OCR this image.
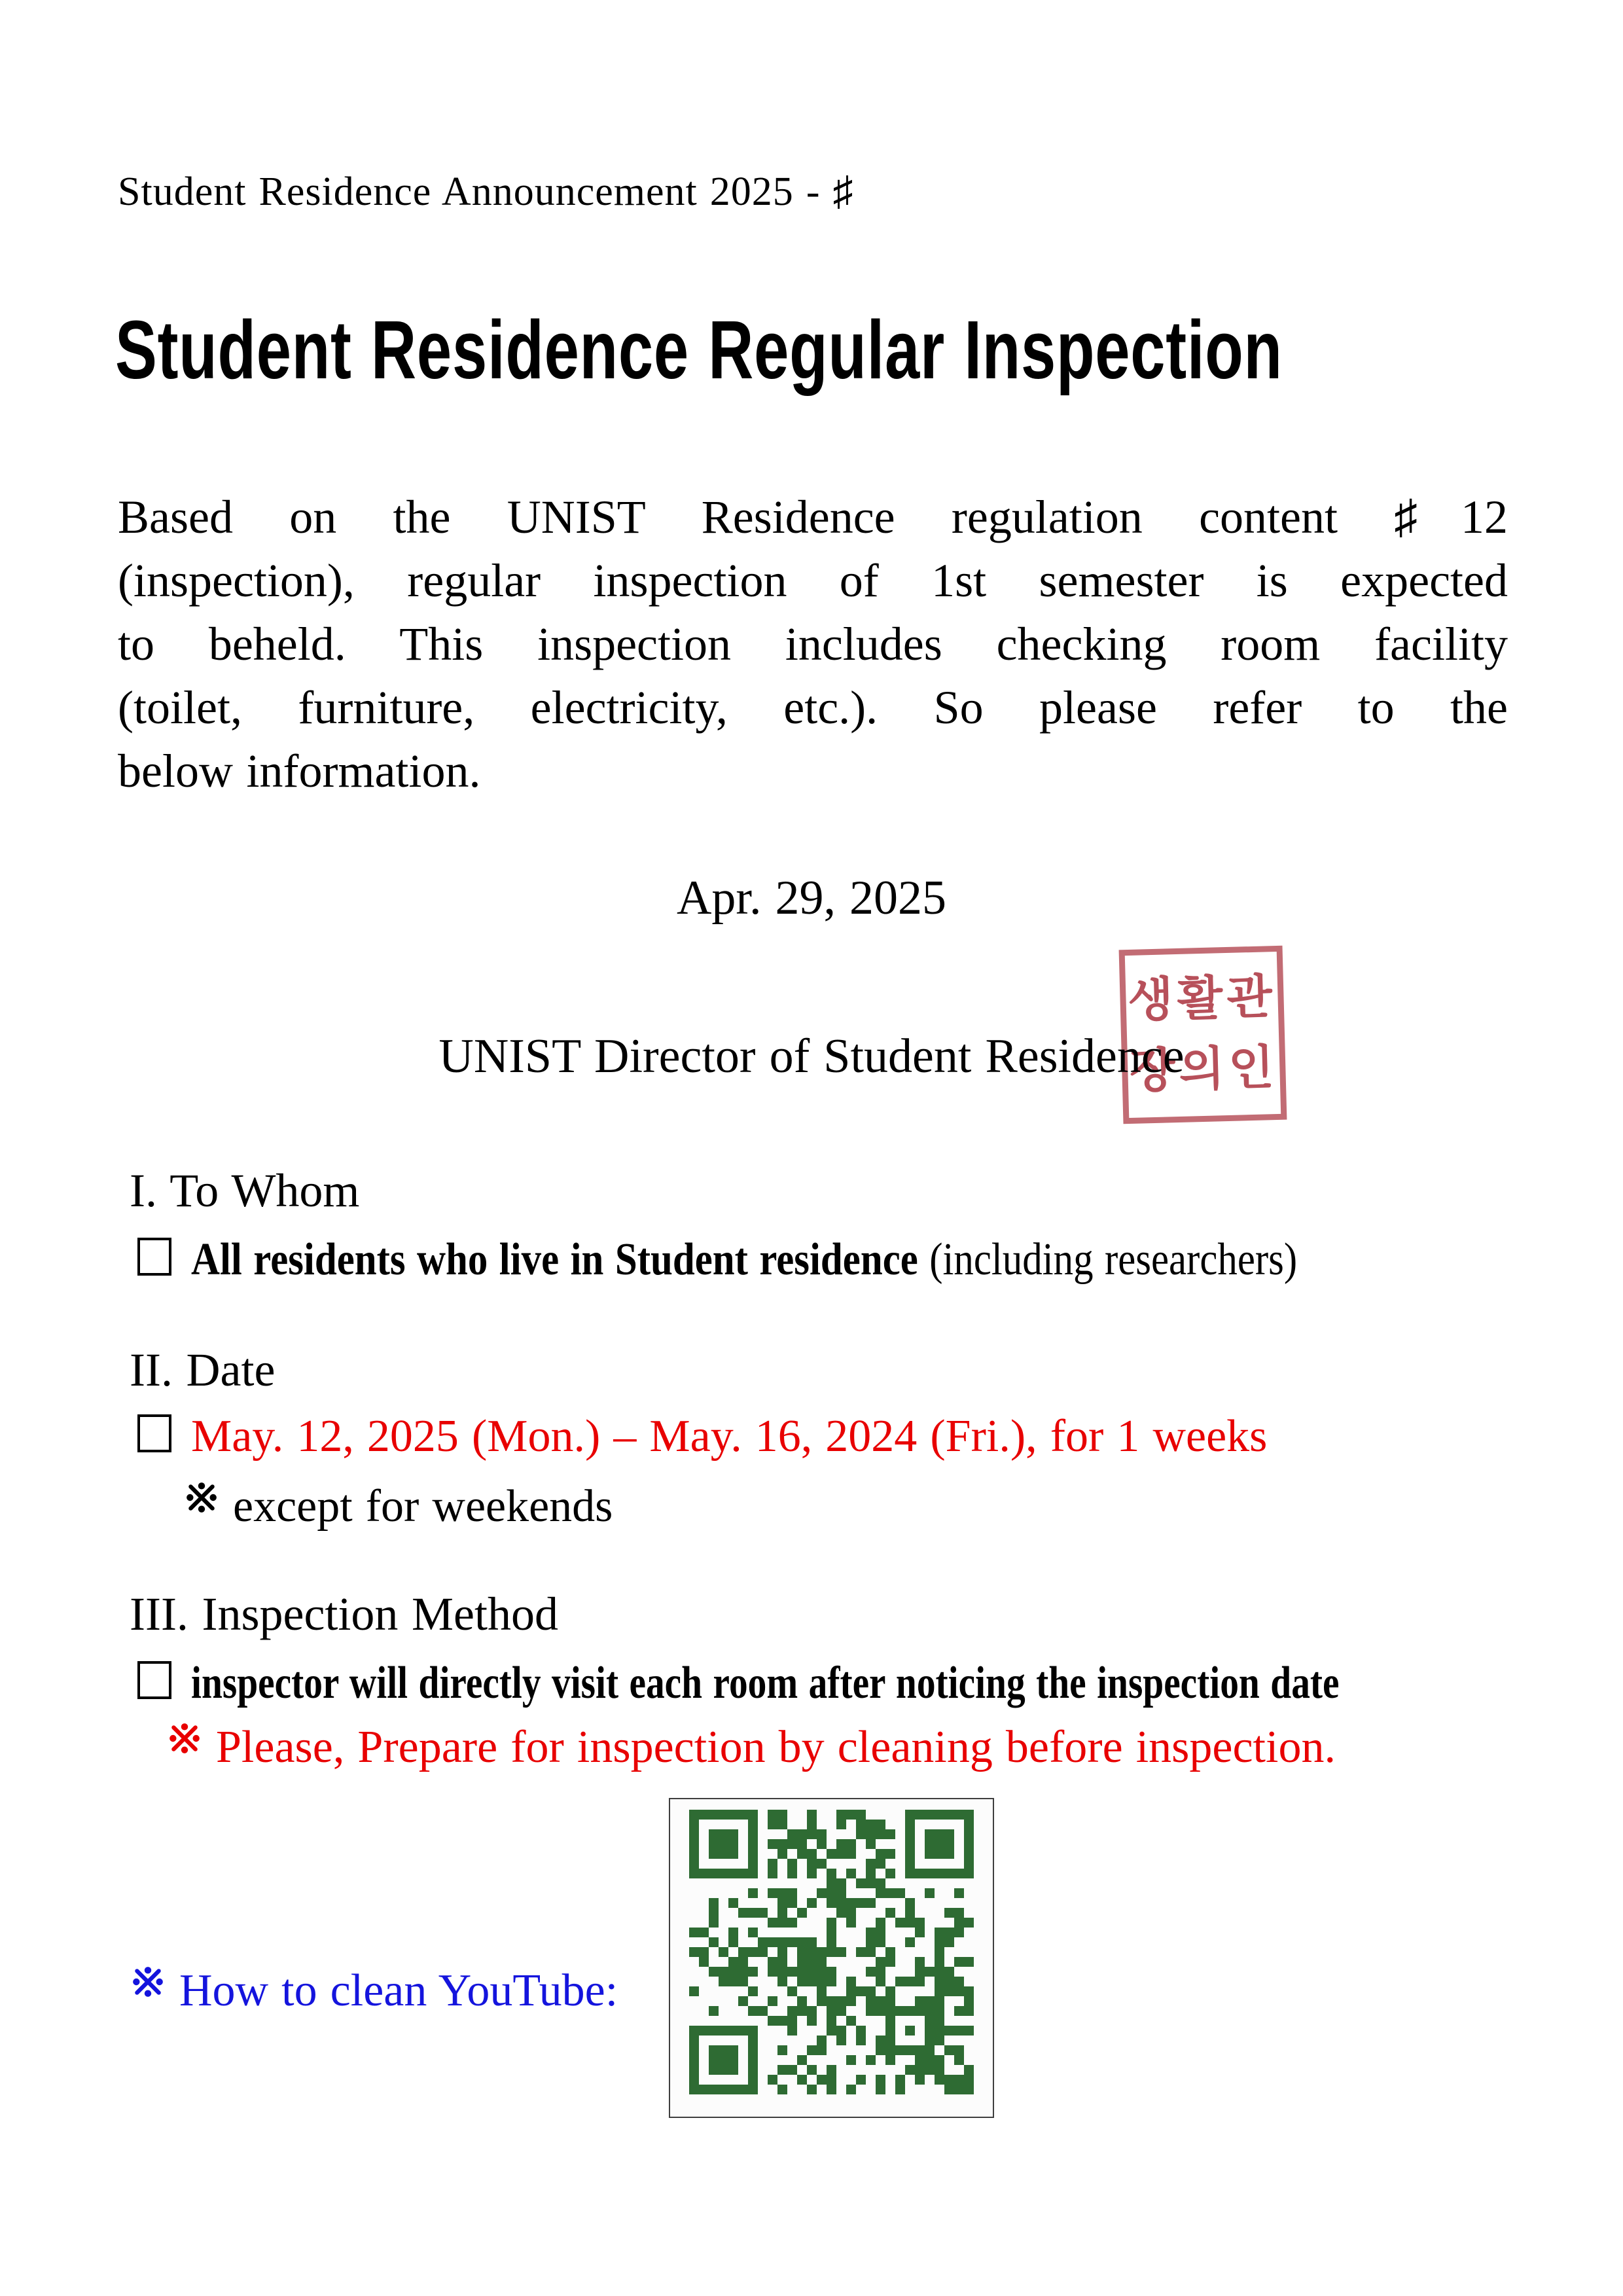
Student Residence Announcement 2025 - ♯
Student Residence Regular Inspection
Based on the UNIST Residence regulation content ♯12
(inspection), regular inspection of 1st semester is expected
to beheld. This inspection includes checking room facility
(toilet, furniture, electricity, etc.). So please refer to the
below information.
Apr. 29, 2025
UNIST Director of Student Residence
생활관
장의인
I. To Whom
All residents who live in Student residence (including researchers)
II. Date
May. 12, 2025 (Mon.) – May. 16, 2024 (Fri.), for 1 weeks
except for weekends
III. Inspection Method
inspector will directly visit each room after noticing the inspection date
Please, Prepare for inspection by cleaning before inspection.
How to clean YouTube:
